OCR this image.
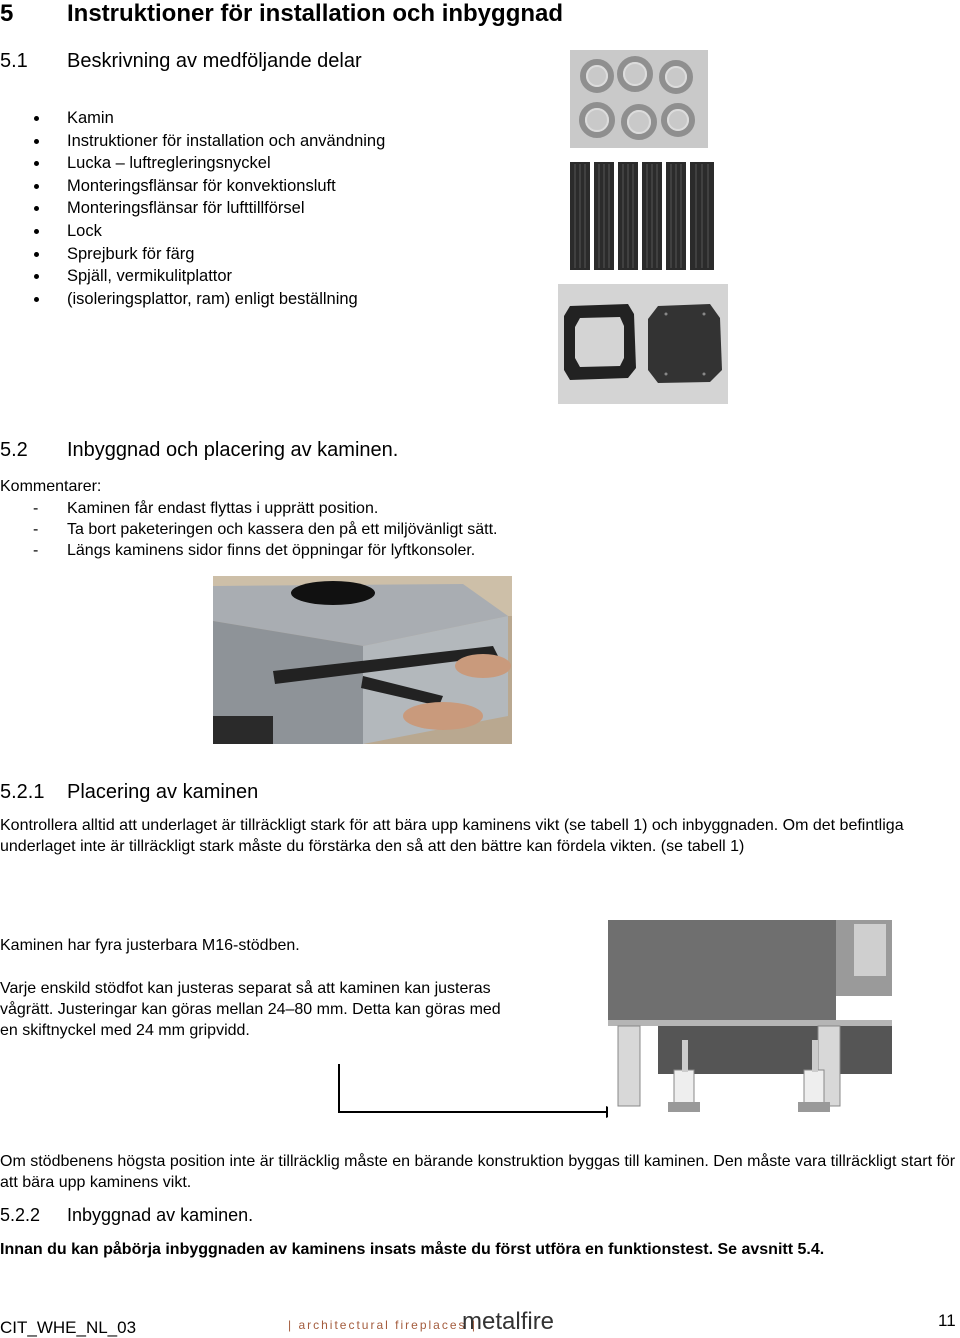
5 Instruktioner för installation och inbyggnad
5.1 Beskrivning av medföljande delar
Kamin
Instruktioner för installation och användning
Lucka – luftregleringsnyckel
Monteringsflänsar för konvektionsluft
Monteringsflänsar för lufttillförsel
Lock
Sprejburk för färg
Spjäll, vermikulitplattor
(isoleringsplattor, ram) enligt beställning
5.2 Inbyggnad och placering av kaminen.
Kommentarer:
- Kaminen får endast flyttas i upprätt position.
- Ta bort paketeringen och kassera den på ett miljövänligt sätt.
- Längs kaminens sidor finns det öppningar för lyftkonsoler.
5.2.1 Placering av kaminen
Kontrollera alltid att underlaget är tillräckligt stark för att bära upp kaminens vikt (se tabell 1) och inbyggnaden. Om det befintliga underlaget inte är tillräckligt stark måste du förstärka den så att den bättre kan fördela vikten. (se tabell 1)
Kaminen har fyra justerbara M16-stödben.
Varje enskild stödfot kan justeras separat så att kaminen kan justeras vågrätt. Justeringar kan göras mellan 24–80 mm. Detta kan göras med en skiftnyckel med 24 mm gripvidd.
Om stödbenens högsta position inte är tillräcklig måste en bärande konstruktion byggas till kaminen. Den måste vara tillräckligt start för att bära upp kaminens vikt.
5.2.2 Inbyggnad av kaminen.
Innan du kan påbörja inbyggnaden av kaminens insats måste du först utföra en funktionstest. Se avsnitt 5.4.
CIT_WHE_NL_03	| architectural fireplaces |
metalfire	11
